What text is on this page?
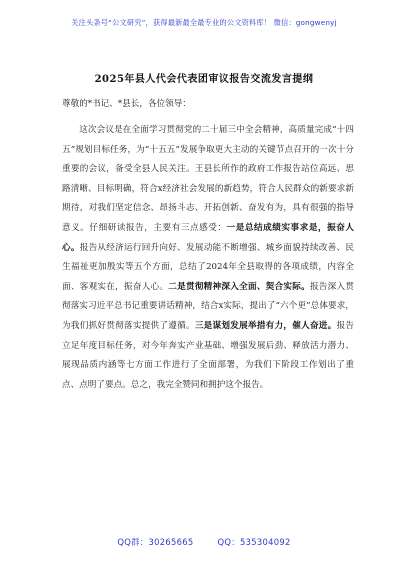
关注头条号“公文研究”，获得最新最全最专业的公文资料库！ 微信：gongwenyj
2025年县人代会代表团审议报告交流发言提纲
尊敬的*书记、*县长，各位领导：

这次会议是在全面学习贯彻党的二十届三中全会精神，高质量完成“十四五”规划目标任务，为“十五五”发展争取更大主动的关键节点召开的一次十分重要的会议，备受全县人民关注。王县长所作的政府工作报告站位高远、思路清晰、目标明确，符合x经济社会发展的新趋势，符合人民群众的新要求新期待，对我们坚定信念、昂扬斗志、开拓创新、奋发有为，具有很强的指导意义。仔细研读报告，主要有三点感受：一是总结成绩实事求是，振奋人心。报告从经济运行回升向好、发展动能不断增强、城乡面貌持续改善、民生福祉更加殷实等五个方面，总结了2024年全县取得的各项成绩，内容全面、客观实在，振奋人心。二是贯彻精神深入全面、契合实际。报告深入贯彻落实习近平总书记重要讲话精神，结合x实际，提出了“六个更”总体要求，为我们抓好贯彻落实提供了遵循。三是谋划发展举措有力，催人奋进。报告立足年度目标任务，对今年奔实产业基础、增强发展后劲、释放活力潜力、展现品质内涵等七方面工作进行了全面部署，为我们下阶段工作划出了重点、点明了要点。总之，我完全赞同和拥护这个报告。

QQ群：30265665	QQ：535304092
